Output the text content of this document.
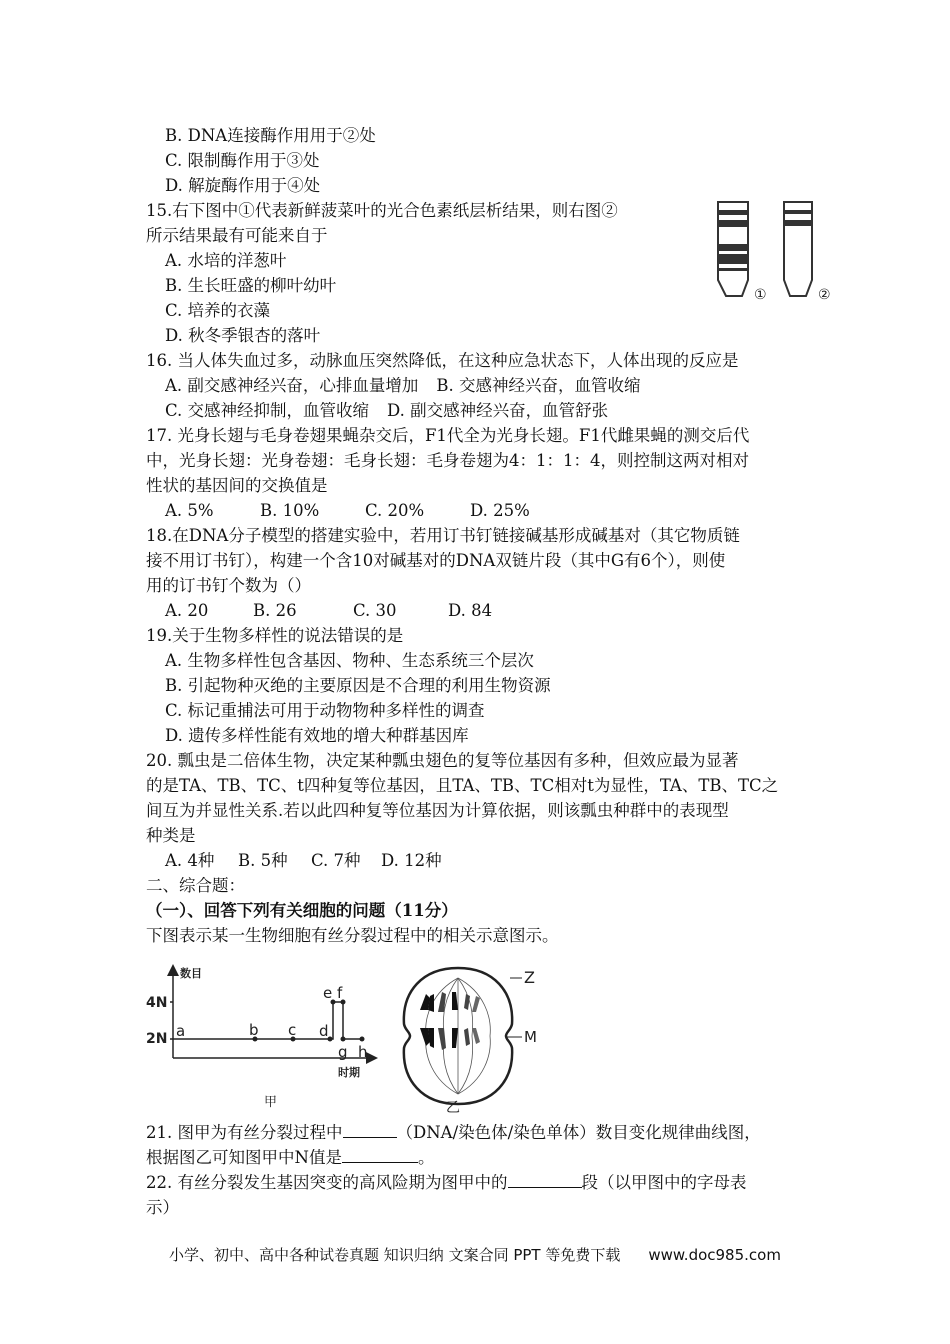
B. DNA连接酶作用用于②处
C. 限制酶作用于③处
D. 解旋酶作用于④处
15.右下图中①代表新鲜菠菜叶的光合色素纸层析结果，则右图②
所示结果最有可能来自于
A. 水培的洋葱叶
B. 生长旺盛的柳叶幼叶
C. 培养的衣藻
D. 秋冬季银杏的落叶
①	②
16. 当人体失血过多，动脉血压突然降低，在这种应急状态下，人体出现的反应是
A. 副交感神经兴奋，心排血量增加 B. 交感神经兴奋，血管收缩
C. 交感神经抑制，血管收缩 D. 副交感神经兴奋，血管舒张
17. 光身长翅与毛身卷翅果蝇杂交后，F1代全为光身长翅。F1代雌果蝇的测交后代
中，光身长翅：光身卷翅：毛身长翅：毛身卷翅为4：1：1：4，则控制这两对相对
性状的基因间的交换值是
A. 5%	B. 10%	C. 20%	D. 25%
18.在DNA分子模型的搭建实验中，若用订书钉链接碱基形成碱基对（其它物质链
接不用订书钉），构建一个含10对碱基对的DNA双链片段（其中G有6个），则使
用的订书钉个数为（）
A. 20	B. 26	C. 30	D. 84
19.关于生物多样性的说法错误的是
A. 生物多样性包含基因、物种、生态系统三个层次
B. 引起物种灭绝的主要原因是不合理的利用生物资源
C. 标记重捕法可用于动物物种多样性的调查
D. 遗传多样性能有效地的增大种群基因库
20. 瓢虫是二倍体生物，决定某种瓢虫翅色的复等位基因有多种，但效应最为显著
的是TA、TB、TC、t四种复等位基因，且TA、TB、TC相对t为显性，TA、TB、TC之
间互为并显性关系.若以此四种复等位基因为计算依据，则该瓢虫种群中的表现型
种类是
A. 4种 B. 5种 C. 7种 D. 12种
二、综合题：
（一）、回答下列有关细胞的问题（11分）
下图表示某一生物细胞有丝分裂过程中的相关示意图示。
数目
时期
4N
2N a	b c d
e f
g h
甲
Z
M
乙
21. 图甲为有丝分裂过程中	（DNA/染色体/染色单体）数目变化规律曲线图，
根据图乙可知图甲中N值是	。
22. 有丝分裂发生基因突变的高风险期为图甲中的	段（以甲图中的字母表
示）
小学、初中、高中各种试卷真题 知识归纳 文案合同 PPT 等免费下载 www.doc985.com
